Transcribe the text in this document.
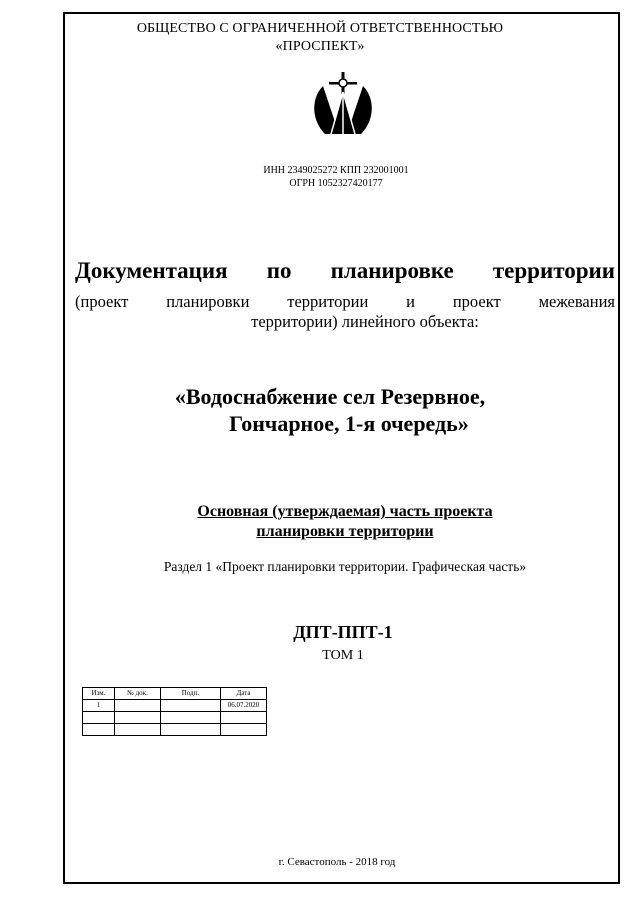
ОБЩЕСТВО С ОГРАНИЧЕННОЙ ОТВЕТСТВЕННОСТЬЮ
«ПРОСПЕКТ»
ИНН 2349025272 КПП 232001001
ОГРН 1052327420177
Документация по планировке территории
(проект планировки территории и проект межевания
территории) линейного объекта:
«Водоснабжение сел Резервное,
Гончарное, 1-я очередь»
Основная (утверждаемая) часть проекта
планировки территории
Раздел 1 «Проект планировки территории. Графическая часть»
ДПТ-ППТ-1
ТОМ 1
Изм.	№ док.	Подп.	Дата
1			06.07.2020

г. Севастополь - 2018 год
